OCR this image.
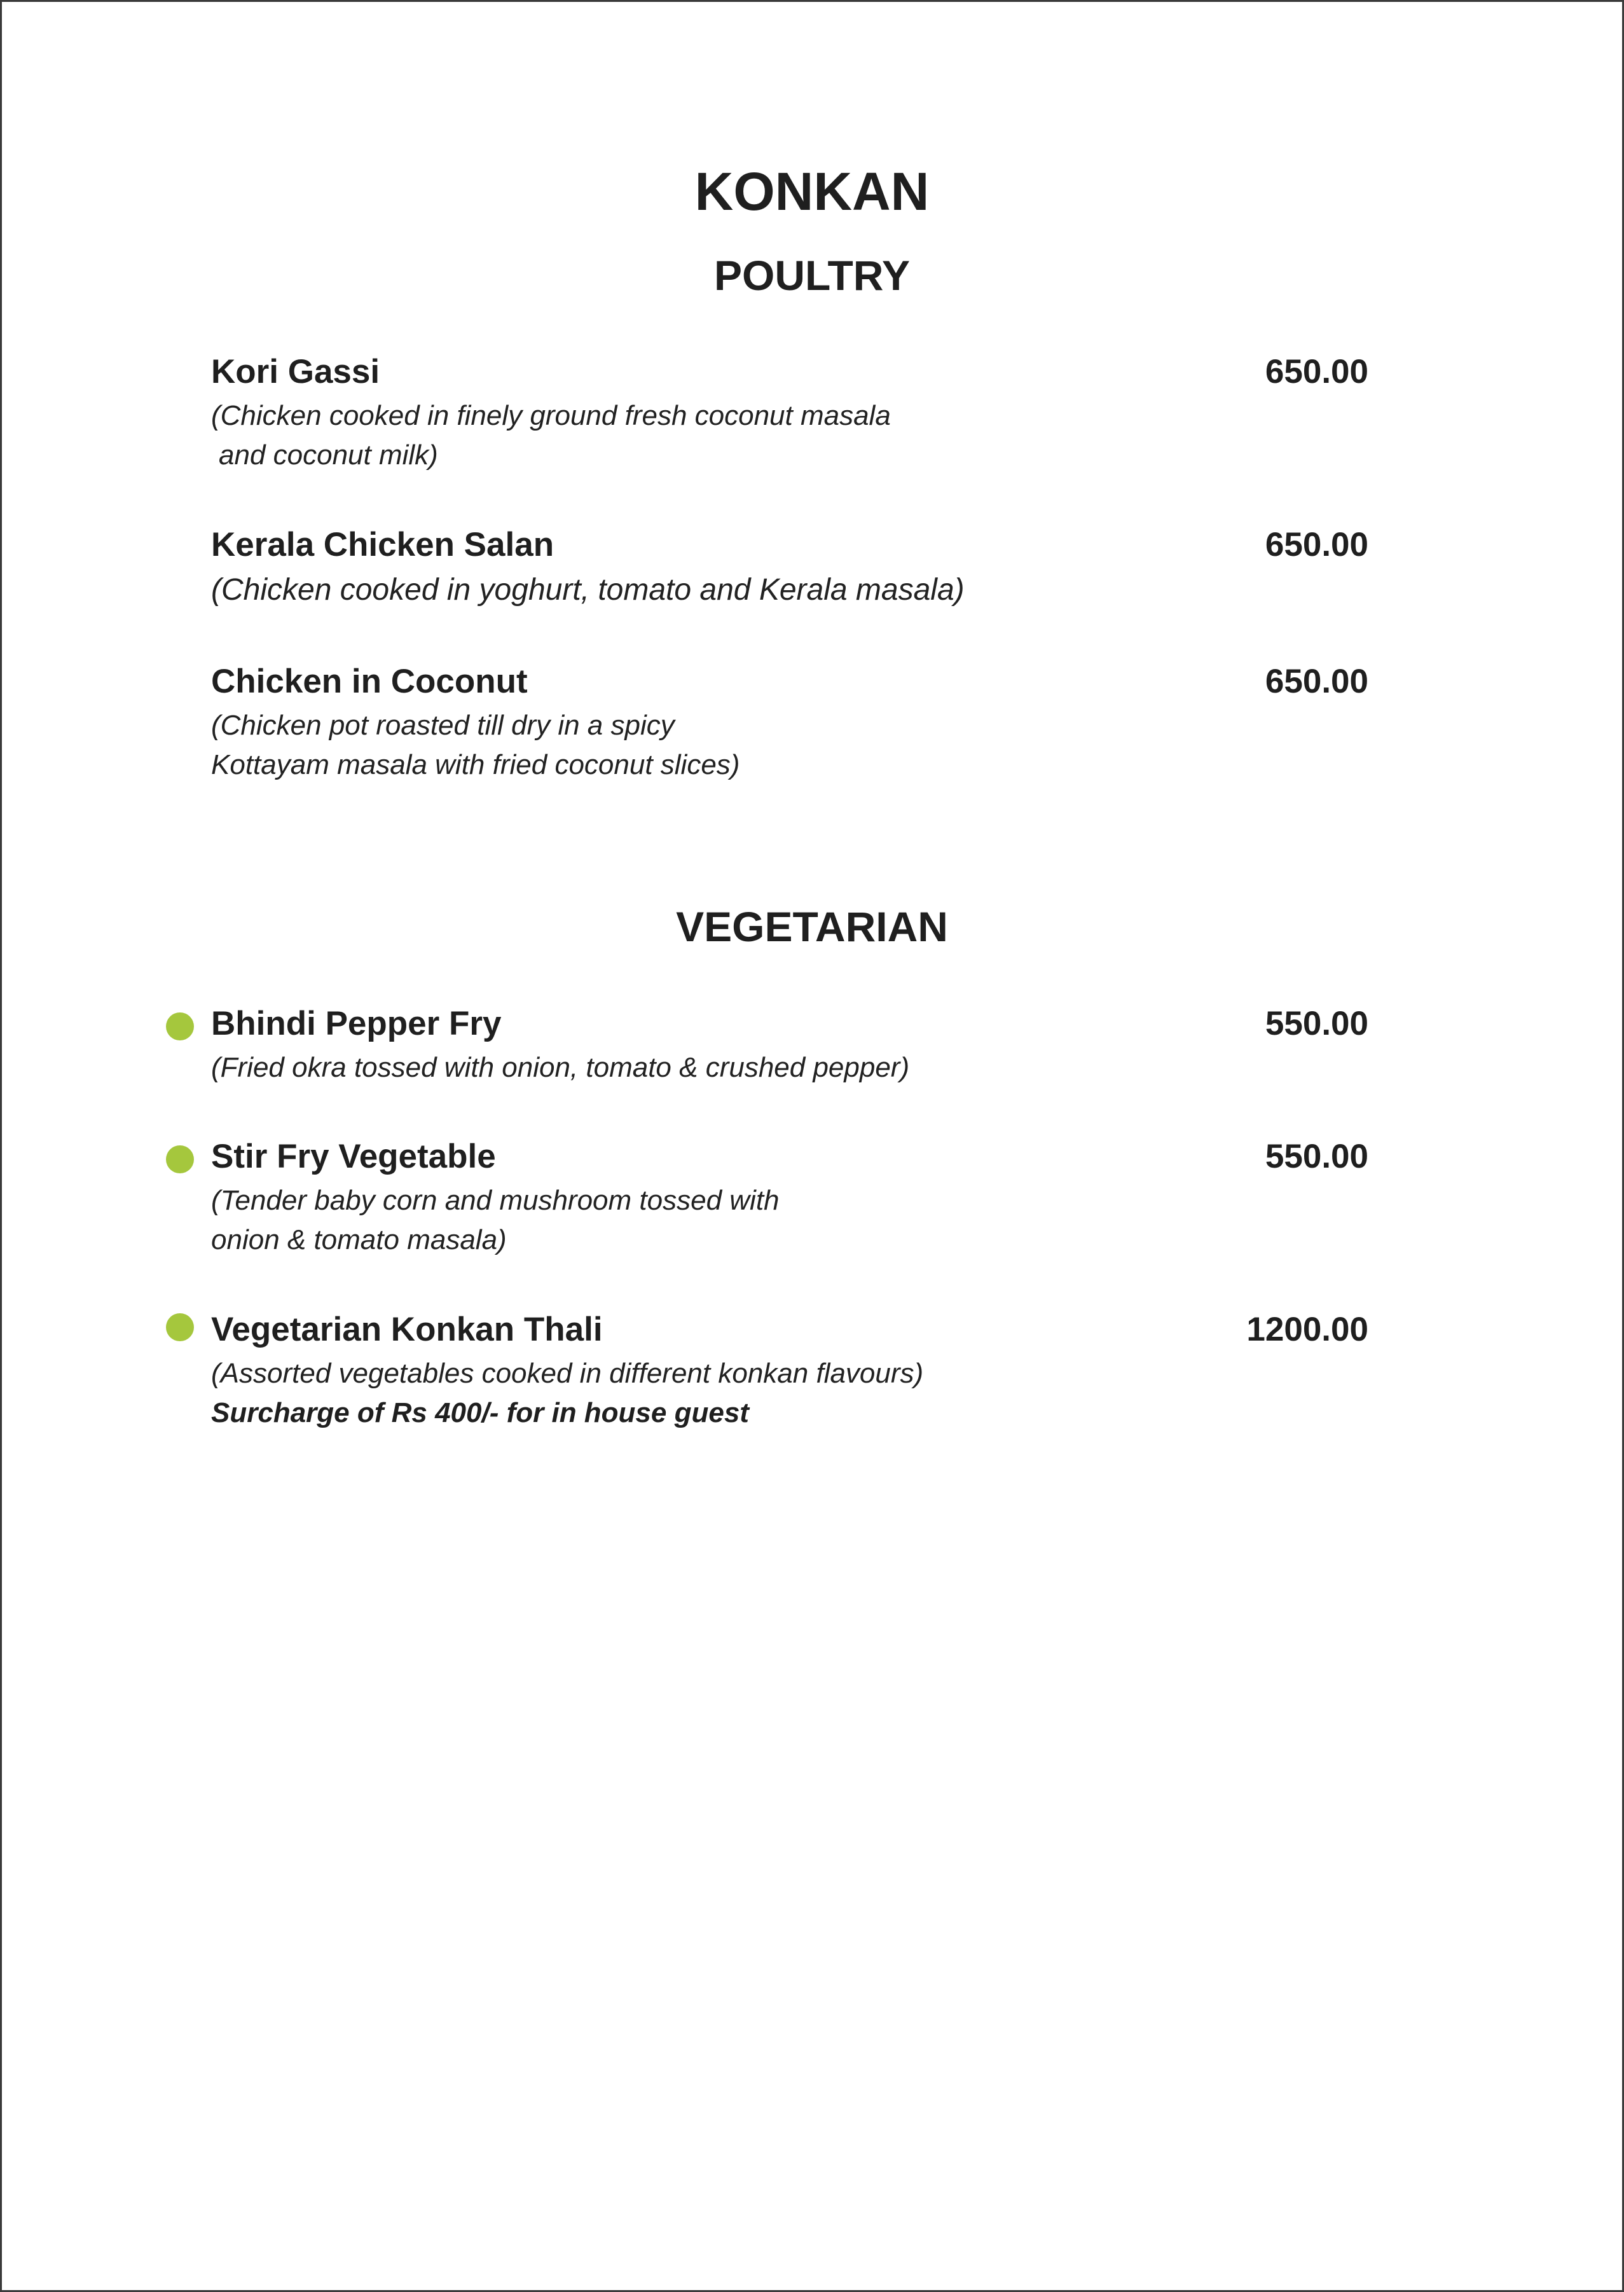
KONKAN
POULTRY
Kori Gassi	650.00
(Chicken cooked in finely ground fresh coconut masala
and coconut milk)
Kerala Chicken Salan	650.00
(Chicken cooked in yoghurt, tomato and Kerala masala)
Chicken in Coconut	650.00
(Chicken pot roasted till dry in a spicy
Kottayam masala with fried coconut slices)
VEGETARIAN
Bhindi Pepper Fry	550.00
(Fried okra tossed with onion, tomato & crushed pepper)
Stir Fry Vegetable	550.00
(Tender baby corn and mushroom tossed with
onion & tomato masala)
Vegetarian Konkan Thali	1200.00
(Assorted vegetables cooked in different konkan flavours)
Surcharge of Rs 400/- for in house guest
